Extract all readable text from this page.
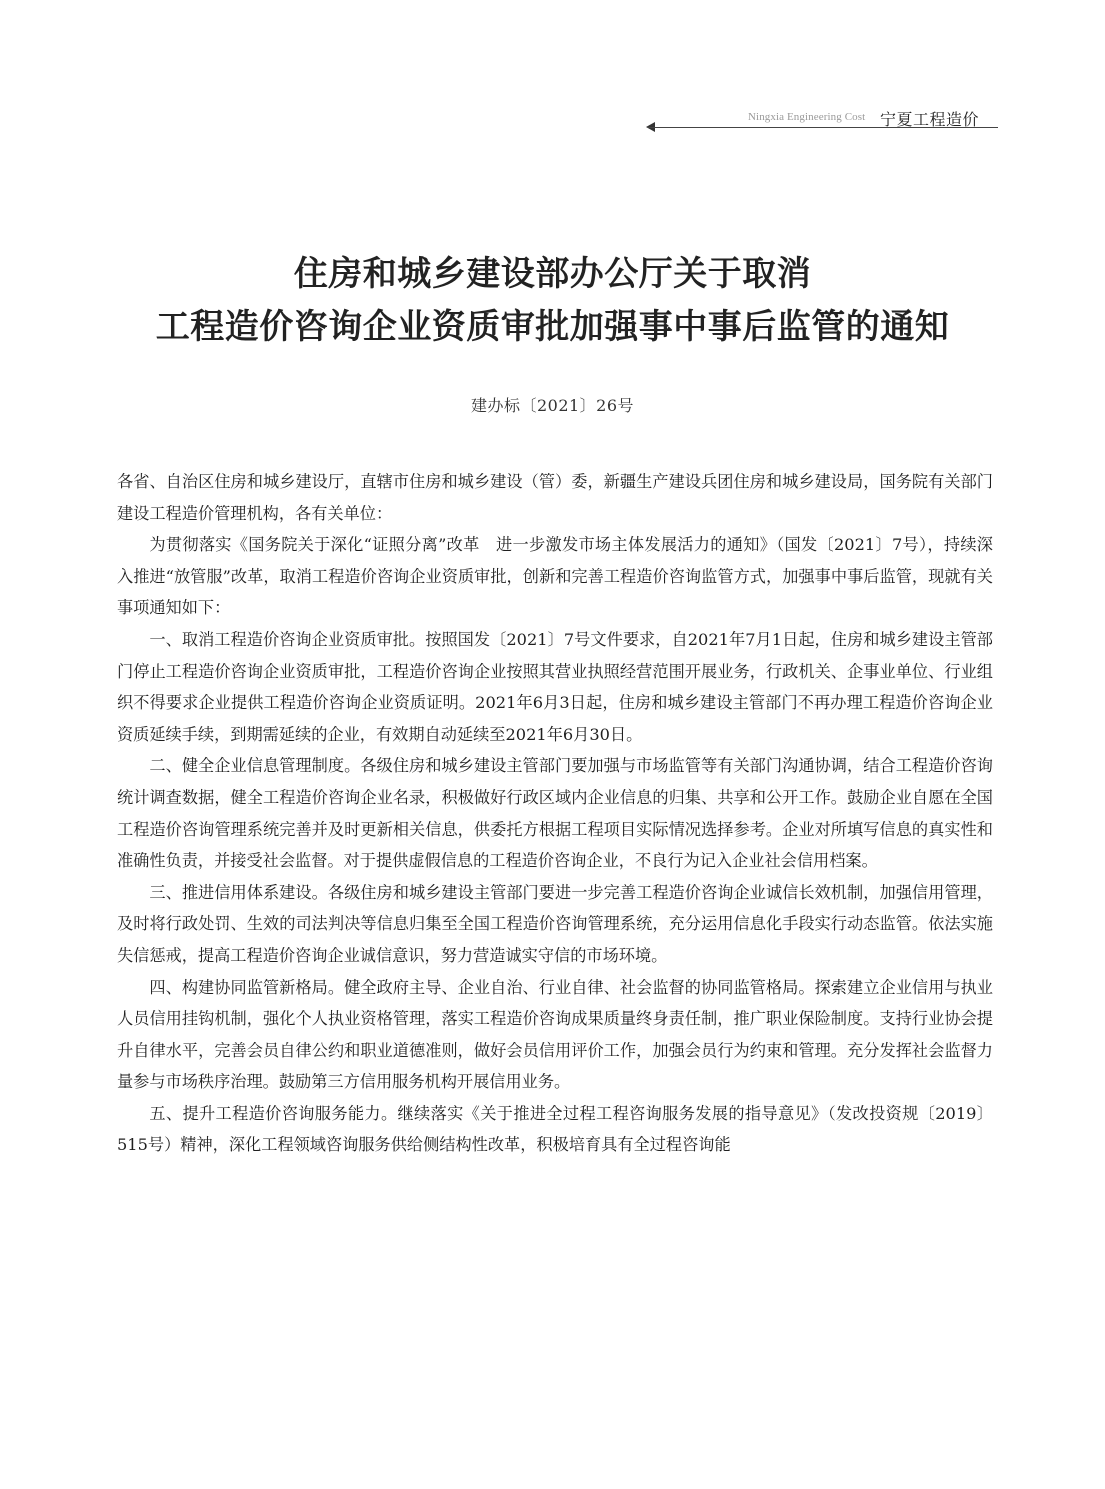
Ningxia Engineering Cost 宁夏工程造价
住房和城乡建设部办公厅关于取消
工程造价咨询企业资质审批加强事中事后监管的通知
建办标〔2021〕26号

各省、自治区住房和城乡建设厅，直辖市住房和城乡建设（管）委，新疆生产建设兵团住房和城乡建设局，国务院有关部门建设工程造价管理机构，各有关单位：

为贯彻落实《国务院关于深化“证照分离”改革　进一步激发市场主体发展活力的通知》（国发〔2021〕7号），持续深入推进“放管服”改革，取消工程造价咨询企业资质审批，创新和完善工程造价咨询监管方式，加强事中事后监管，现就有关事项通知如下：

一、取消工程造价咨询企业资质审批。按照国发〔2021〕7号文件要求，自2021年7月1日起，住房和城乡建设主管部门停止工程造价咨询企业资质审批，工程造价咨询企业按照其营业执照经营范围开展业务，行政机关、企事业单位、行业组织不得要求企业提供工程造价咨询企业资质证明。2021年6月3日起，住房和城乡建设主管部门不再办理工程造价咨询企业资质延续手续，到期需延续的企业，有效期自动延续至2021年6月30日。

二、健全企业信息管理制度。各级住房和城乡建设主管部门要加强与市场监管等有关部门沟通协调，结合工程造价咨询统计调查数据，健全工程造价咨询企业名录，积极做好行政区域内企业信息的归集、共享和公开工作。鼓励企业自愿在全国工程造价咨询管理系统完善并及时更新相关信息，供委托方根据工程项目实际情况选择参考。企业对所填写信息的真实性和准确性负责，并接受社会监督。对于提供虚假信息的工程造价咨询企业，不良行为记入企业社会信用档案。

三、推进信用体系建设。各级住房和城乡建设主管部门要进一步完善工程造价咨询企业诚信长效机制，加强信用管理，及时将行政处罚、生效的司法判决等信息归集至全国工程造价咨询管理系统，充分运用信息化手段实行动态监管。依法实施失信惩戒，提高工程造价咨询企业诚信意识，努力营造诚实守信的市场环境。

四、构建协同监管新格局。健全政府主导、企业自治、行业自律、社会监督的协同监管格局。探索建立企业信用与执业人员信用挂钩机制，强化个人执业资格管理，落实工程造价咨询成果质量终身责任制，推广职业保险制度。支持行业协会提升自律水平，完善会员自律公约和职业道德准则，做好会员信用评价工作，加强会员行为约束和管理。充分发挥社会监督力量参与市场秩序治理。鼓励第三方信用服务机构开展信用业务。

五、提升工程造价咨询服务能力。继续落实《关于推进全过程工程咨询服务发展的指导意见》（发改投资规〔2019〕515号）精神，深化工程领域咨询服务供给侧结构性改革，积极培育具有全过程咨询能
